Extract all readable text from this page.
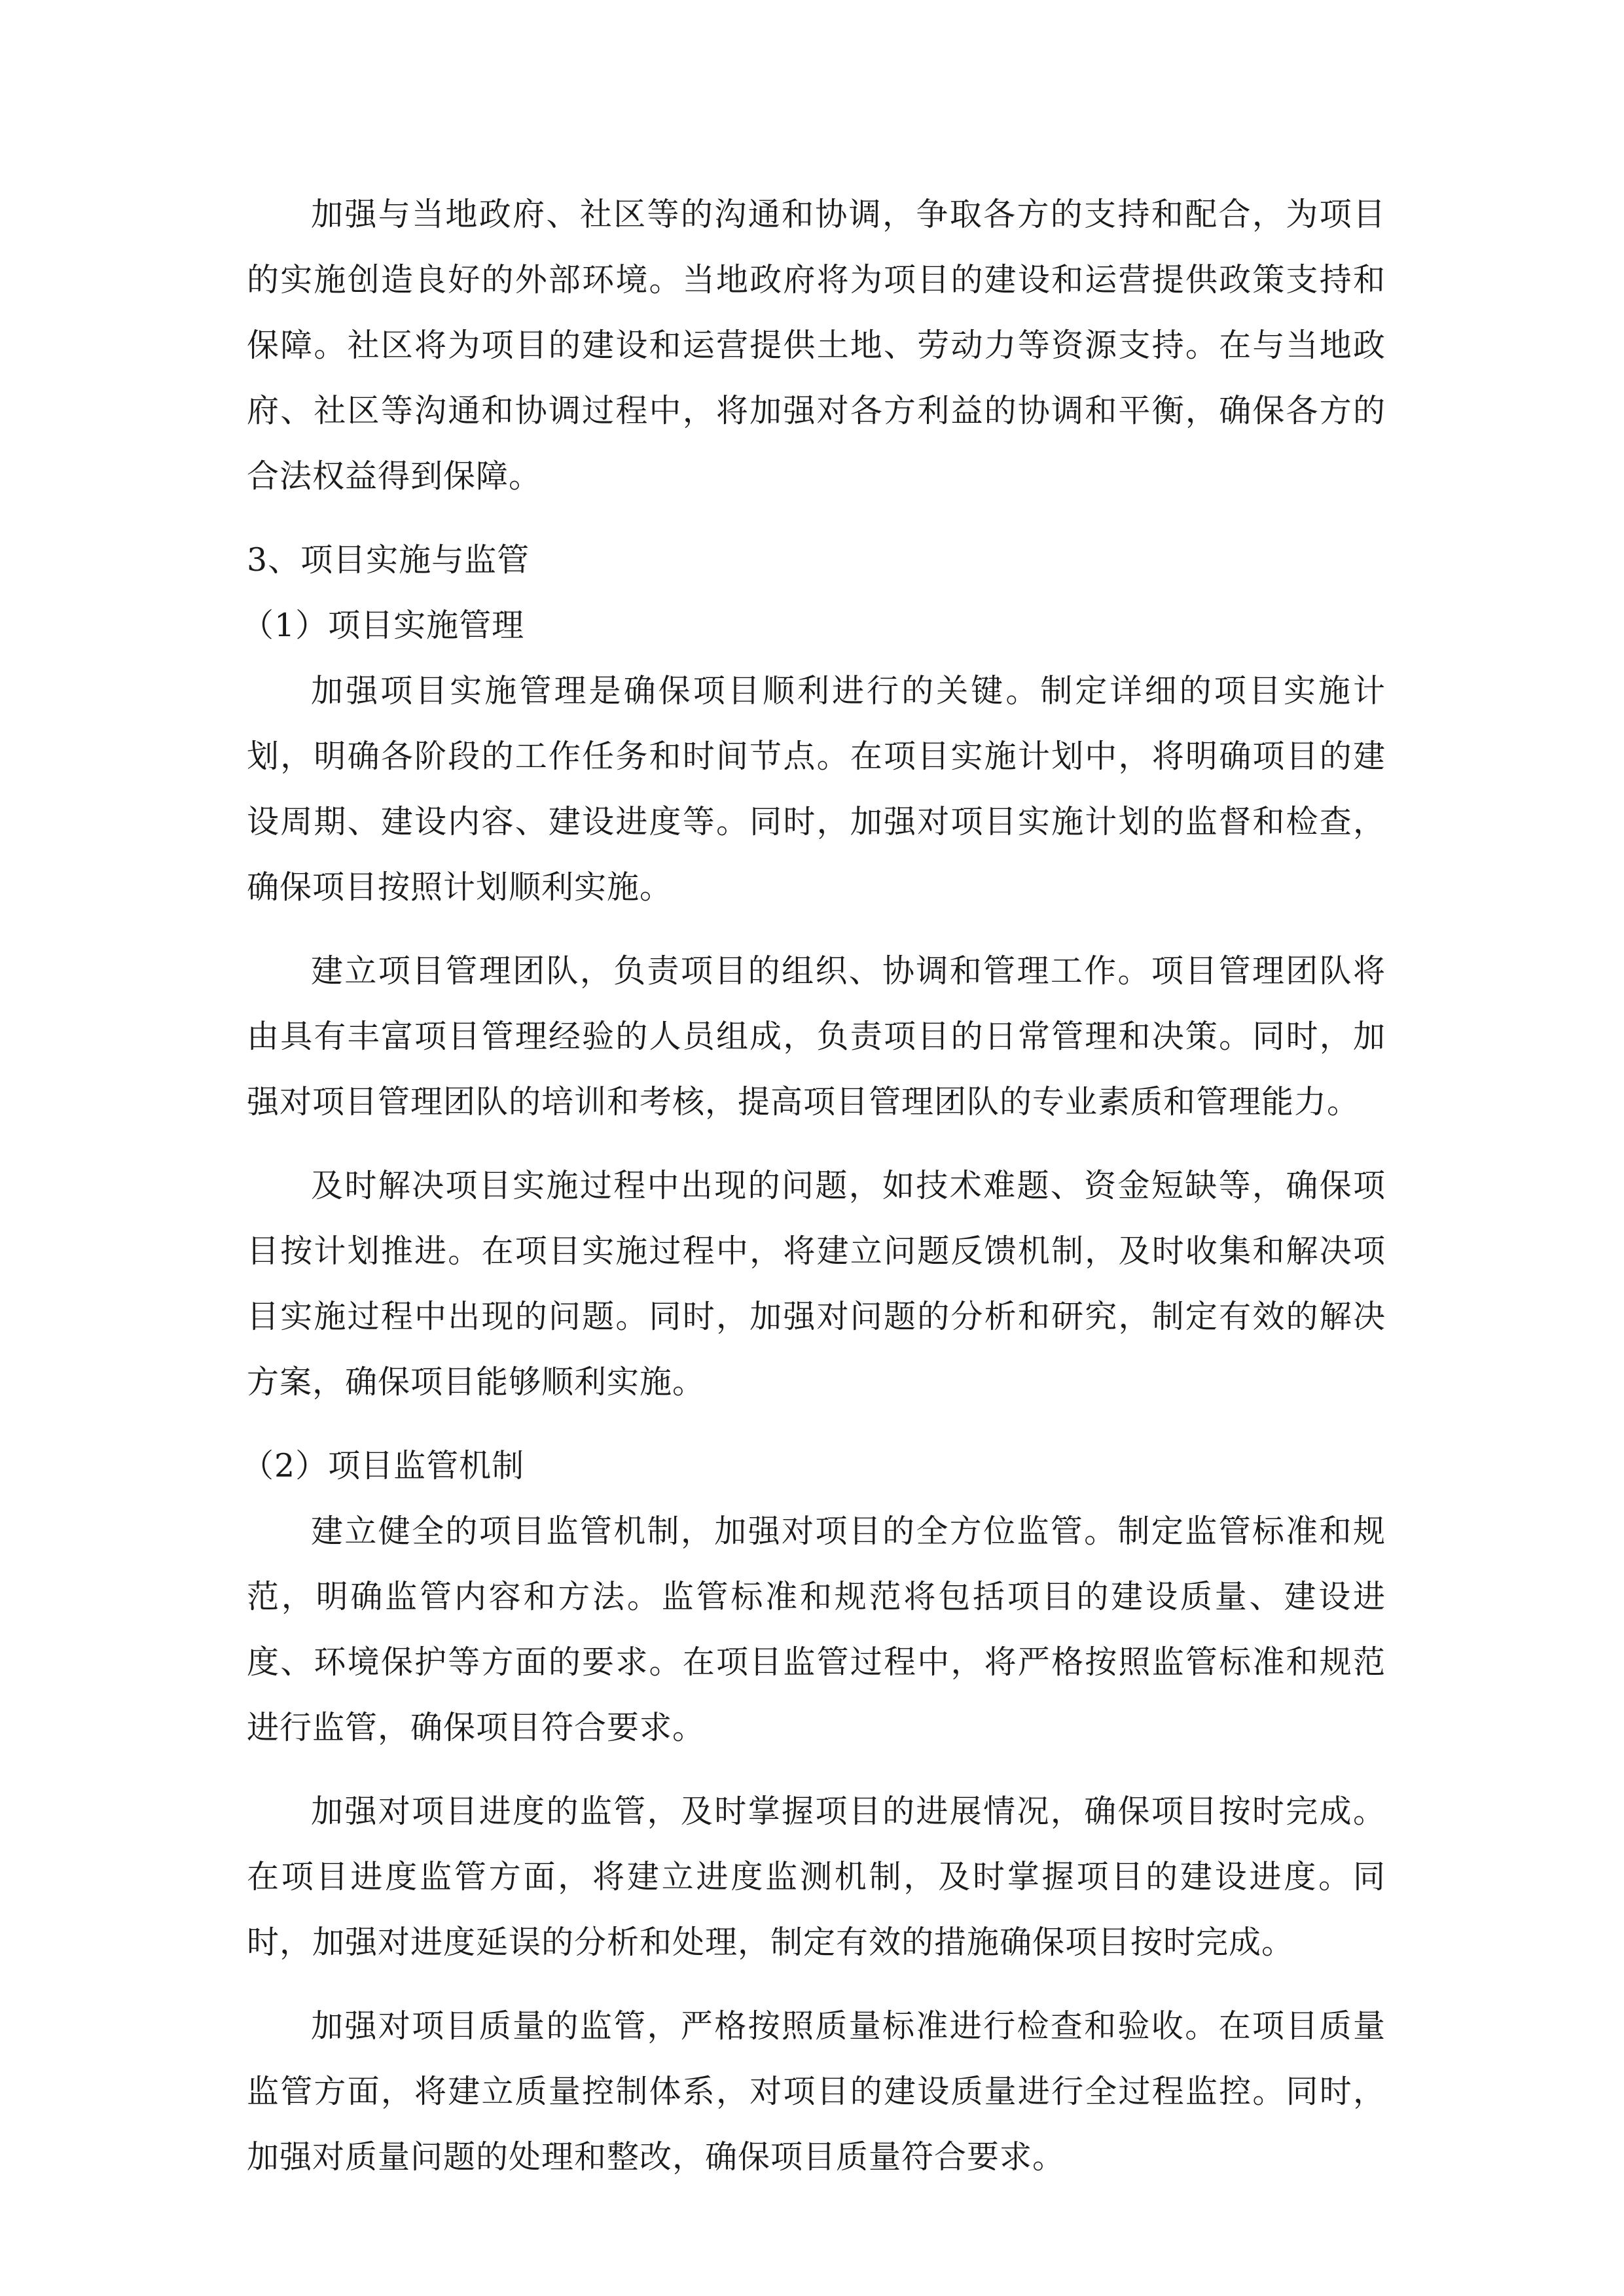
加强与当地政府、社区等的沟通和协调，争取各方的支持和配合，为项目的实施创造良好的外部环境。当地政府将为项目的建设和运营提供政策支持和保障。社区将为项目的建设和运营提供土地、劳动力等资源支持。在与当地政府、社区等沟通和协调过程中，将加强对各方利益的协调和平衡，确保各方的合法权益得到保障。

3、项目实施与监管
（1）项目实施管理

加强项目实施管理是确保项目顺利进行的关键。制定详细的项目实施计划，明确各阶段的工作任务和时间节点。在项目实施计划中，将明确项目的建设周期、建设内容、建设进度等。同时，加强对项目实施计划的监督和检查，确保项目按照计划顺利实施。

建立项目管理团队，负责项目的组织、协调和管理工作。项目管理团队将由具有丰富项目管理经验的人员组成，负责项目的日常管理和决策。同时，加强对项目管理团队的培训和考核，提高项目管理团队的专业素质和管理能力。

及时解决项目实施过程中出现的问题，如技术难题、资金短缺等，确保项目按计划推进。在项目实施过程中，将建立问题反馈机制，及时收集和解决项目实施过程中出现的问题。同时，加强对问题的分析和研究，制定有效的解决方案，确保项目能够顺利实施。

（2）项目监管机制

建立健全的项目监管机制，加强对项目的全方位监管。制定监管标准和规范，明确监管内容和方法。监管标准和规范将包括项目的建设质量、建设进度、环境保护等方面的要求。在项目监管过程中，将严格按照监管标准和规范进行监管，确保项目符合要求。

加强对项目进度的监管，及时掌握项目的进展情况，确保项目按时完成。在项目进度监管方面，将建立进度监测机制，及时掌握项目的建设进度。同时，加强对进度延误的分析和处理，制定有效的措施确保项目按时完成。

加强对项目质量的监管，严格按照质量标准进行检查和验收。在项目质量监管方面，将建立质量控制体系，对项目的建设质量进行全过程监控。同时，加强对质量问题的处理和整改，确保项目质量符合要求。
